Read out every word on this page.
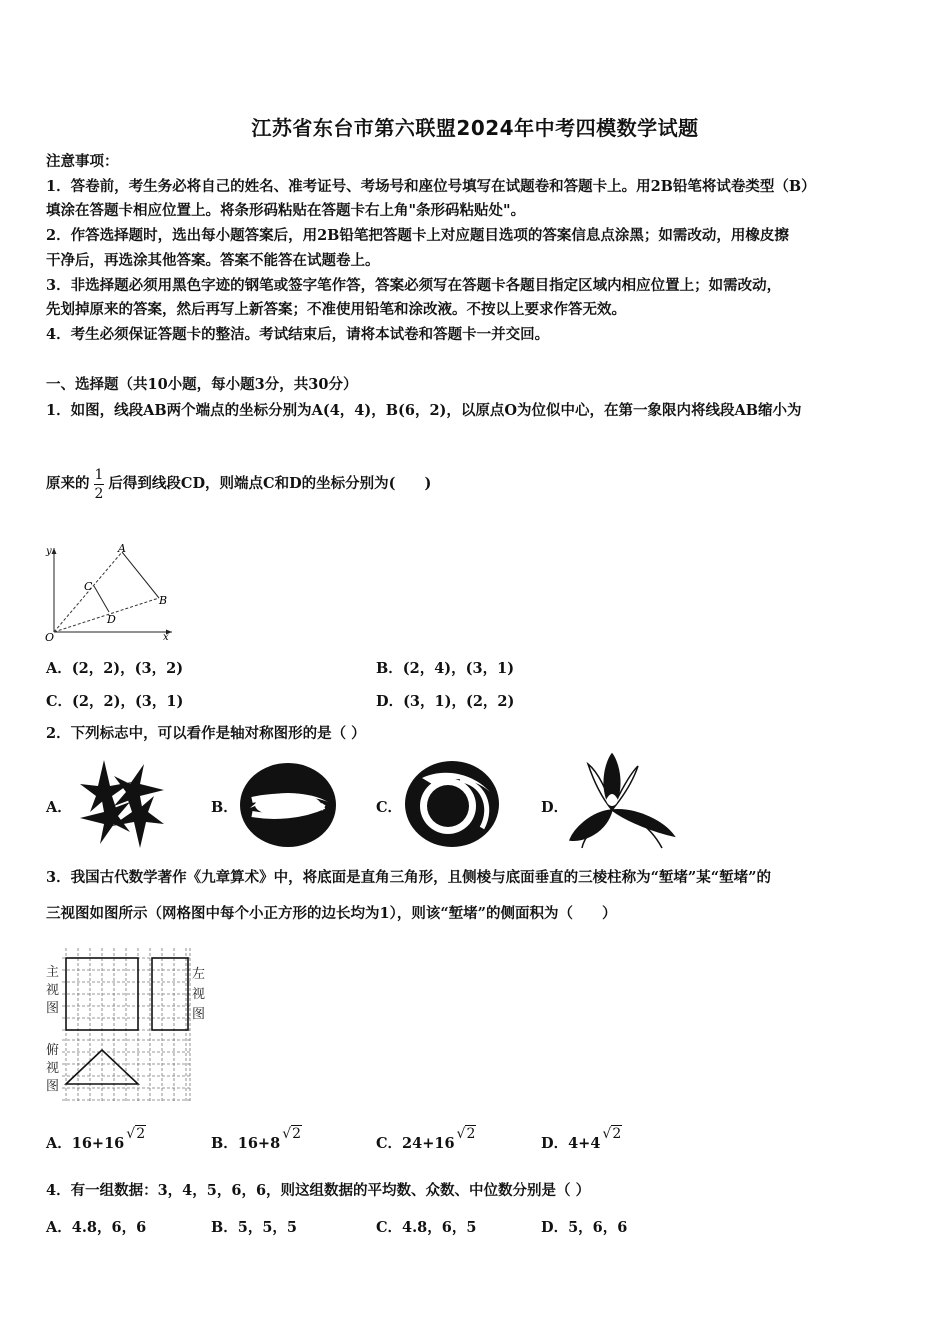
江苏省东台市第六联盟2024年中考四模数学试题
注意事项：
1．答卷前，考生务必将自己的姓名、准考证号、考场号和座位号填写在试题卷和答题卡上。用2B铅笔将试卷类型（B）
填涂在答题卡相应位置上。将条形码粘贴在答题卡右上角"条形码粘贴处"。
2．作答选择题时，选出每小题答案后，用2B铅笔把答题卡上对应题目选项的答案信息点涂黑；如需改动，用橡皮擦
干净后，再选涂其他答案。答案不能答在试题卷上。
3．非选择题必须用黑色字迹的钢笔或签字笔作答，答案必须写在答题卡各题目指定区域内相应位置上；如需改动，
先划掉原来的答案，然后再写上新答案；不准使用铅笔和涂改液。不按以上要求作答无效。
4．考生必须保证答题卡的整洁。考试结束后，请将本试卷和答题卡一并交回。
一、选择题（共10小题，每小题3分，共30分）
1．如图，线段AB两个端点的坐标分别为A(4，4)，B(6，2)，以原点O为位似中心，在第一象限内将线段AB缩小为
原来的 $\frac{1}{2}$ 后得到线段CD，则端点C和D的坐标分别为(　　)
y
x
O
A
B
C
D
A．(2，2)，(3，2)	B．(2，4)，(3，1)
C．(2，2)，(3，1)	D．(3，1)，(2，2)
2．下列标志中，可以看作是轴对称图形的是（ ）
A．	B．	C．	D．
3．我国古代数学著作《九章算术》中，将底面是直角三角形，且侧棱与底面垂直的三棱柱称为“堑堵”某“堑堵”的
三视图如图所示（网格图中每个小正方形的边长均为1），则该“堑堵”的侧面积为（　　）
主
视
图
左
视
图
俯
视
图
A．16+16√2
B．16+8√2
C．24+16√2
D．4+4√2
4．有一组数据：3，4，5，6，6，则这组数据的平均数、众数、中位数分别是（ ）
A．4.8，6，6	B．5，5，5	C．4.8，6，5	D．5，6，6
